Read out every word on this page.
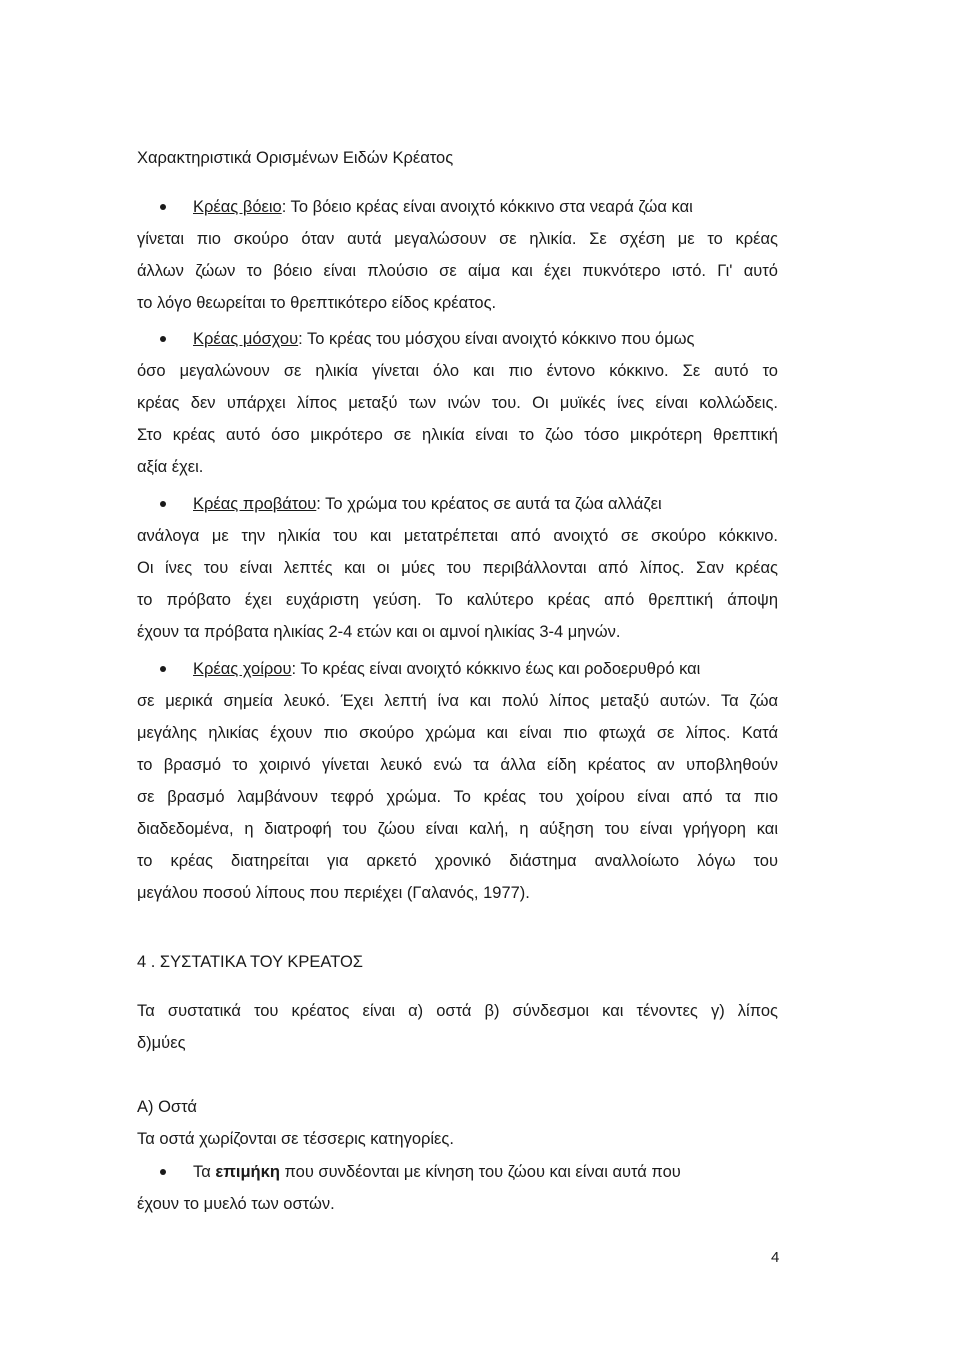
Χαρακτηριστικά Ορισμένων Ειδών Κρέατος
Κρέας βόειο: Το βόειο κρέας είναι ανοιχτό κόκκινο στα νεαρά ζώα και
γίνεται πιο σκούρο όταν αυτά μεγαλώσουν σε ηλικία. Σε σχέση με το κρέας
άλλων ζώων το βόειο είναι πλούσιο σε αίμα και έχει πυκνότερο ιστό. Γι' αυτό
το λόγο θεωρείται το θρεπτικότερο είδος κρέατος.
Κρέας μόσχου: Το κρέας του μόσχου είναι ανοιχτό κόκκινο που όμως
όσο μεγαλώνουν σε ηλικία γίνεται όλο και πιο έντονο κόκκινο. Σε αυτό το
κρέας δεν υπάρχει λίπος μεταξύ των ινών του. Οι μυϊκές ίνες είναι κολλώδεις.
Στο κρέας αυτό όσο μικρότερο σε ηλικία είναι το ζώο τόσο μικρότερη θρεπτική
αξία έχει.
Κρέας προβάτου: Το χρώμα του κρέατος σε αυτά τα ζώα αλλάζει
ανάλογα με την ηλικία του και μετατρέπεται από ανοιχτό σε σκούρο κόκκινο.
Οι ίνες του είναι λεπτές και οι μύες του περιβάλλονται από λίπος. Σαν κρέας
το πρόβατο έχει ευχάριστη γεύση. Το καλύτερο κρέας από θρεπτική άποψη
έχουν τα πρόβατα ηλικίας 2-4 ετών και οι αμνοί ηλικίας 3-4 μηνών.
Κρέας χοίρου: Το κρέας είναι ανοιχτό κόκκινο έως και ροδοερυθρό και
σε μερικά σημεία λευκό. Έχει λεπτή ίνα και πολύ λίπος μεταξύ αυτών. Τα ζώα
μεγάλης ηλικίας έχουν πιο σκούρο χρώμα και είναι πιο φτωχά σε λίπος. Κατά
το βρασμό το χοιρινό γίνεται λευκό ενώ τα άλλα είδη κρέατος αν υποβληθούν
σε βρασμό λαμβάνουν τεφρό χρώμα. Το κρέας του χοίρου είναι από τα πιο
διαδεδομένα, η διατροφή του ζώου είναι καλή, η αύξηση του είναι γρήγορη και
το κρέας διατηρείται για αρκετό χρονικό διάστημα αναλλοίωτο λόγω του
μεγάλου ποσού λίπους που περιέχει (Γαλανός, 1977).
4 . ΣΥΣΤΑΤΙΚΑ ΤΟΥ ΚΡΕΑΤΟΣ
Τα συστατικά του κρέατος είναι α) οστά β) σύνδεσμοι και τένοντες γ) λίπος
δ)μύες
Α) Οστά
Τα οστά χωρίζονται σε τέσσερις κατηγορίες.
Τα επιμήκη που συνδέονται με κίνηση του ζώου και είναι αυτά που
έχουν το μυελό των οστών.
4
